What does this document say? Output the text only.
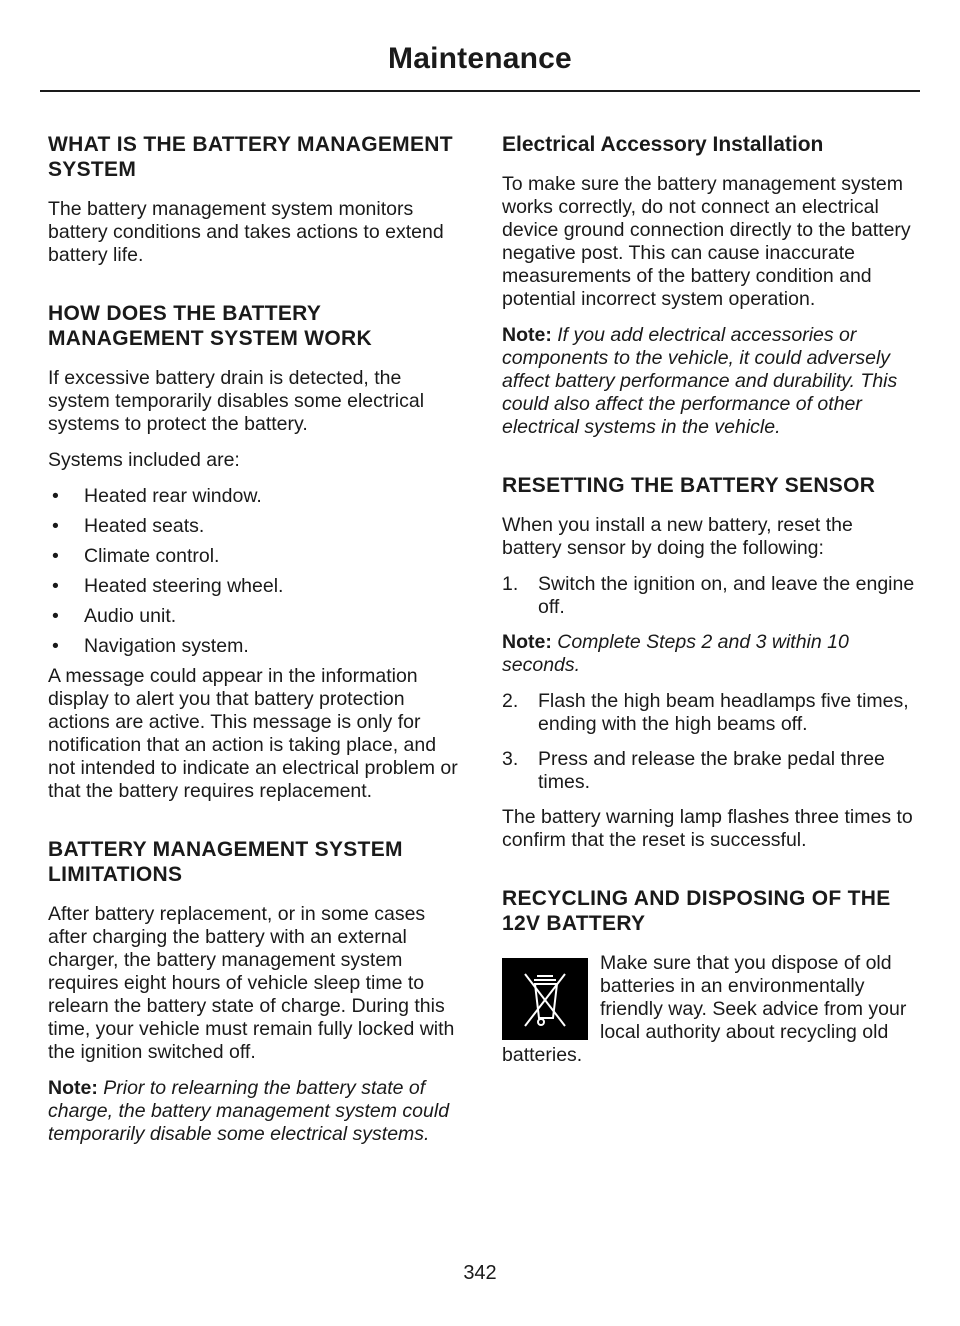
Maintenance
WHAT IS THE BATTERY MANAGEMENT SYSTEM

The battery management system monitors battery conditions and takes actions to extend battery life.

HOW DOES THE BATTERY MANAGEMENT SYSTEM WORK

If excessive battery drain is detected, the system temporarily disables some electrical systems to protect the battery.

Systems included are:

• Heated rear window.
• Heated seats.
• Climate control.
• Heated steering wheel.
• Audio unit.
• Navigation system.

A message could appear in the information display to alert you that battery protection actions are active. This message is only for notification that an action is taking place, and not intended to indicate an electrical problem or that the battery requires replacement.

BATTERY MANAGEMENT SYSTEM LIMITATIONS

After battery replacement, or in some cases after charging the battery with an external charger, the battery management system requires eight hours of vehicle sleep time to relearn the battery state of charge. During this time, your vehicle must remain fully locked with the ignition switched off.

Note: Prior to relearning the battery state of charge, the battery management system could temporarily disable some electrical systems.

Electrical Accessory Installation

To make sure the battery management system works correctly, do not connect an electrical device ground connection directly to the battery negative post. This can cause inaccurate measurements of the battery condition and potential incorrect system operation.

Note: If you add electrical accessories or components to the vehicle, it could adversely affect battery performance and durability. This could also affect the performance of other electrical systems in the vehicle.

RESETTING THE BATTERY SENSOR

When you install a new battery, reset the battery sensor by doing the following:

1. Switch the ignition on, and leave the engine off.

Note: Complete Steps 2 and 3 within 10 seconds.

2. Flash the high beam headlamps five times, ending with the high beams off.
3. Press and release the brake pedal three times.

The battery warning lamp flashes three times to confirm that the reset is successful.

RECYCLING AND DISPOSING OF THE 12V BATTERY

Make sure that you dispose of old batteries in an environmentally friendly way. Seek advice from your local authority about recycling old batteries.

342
